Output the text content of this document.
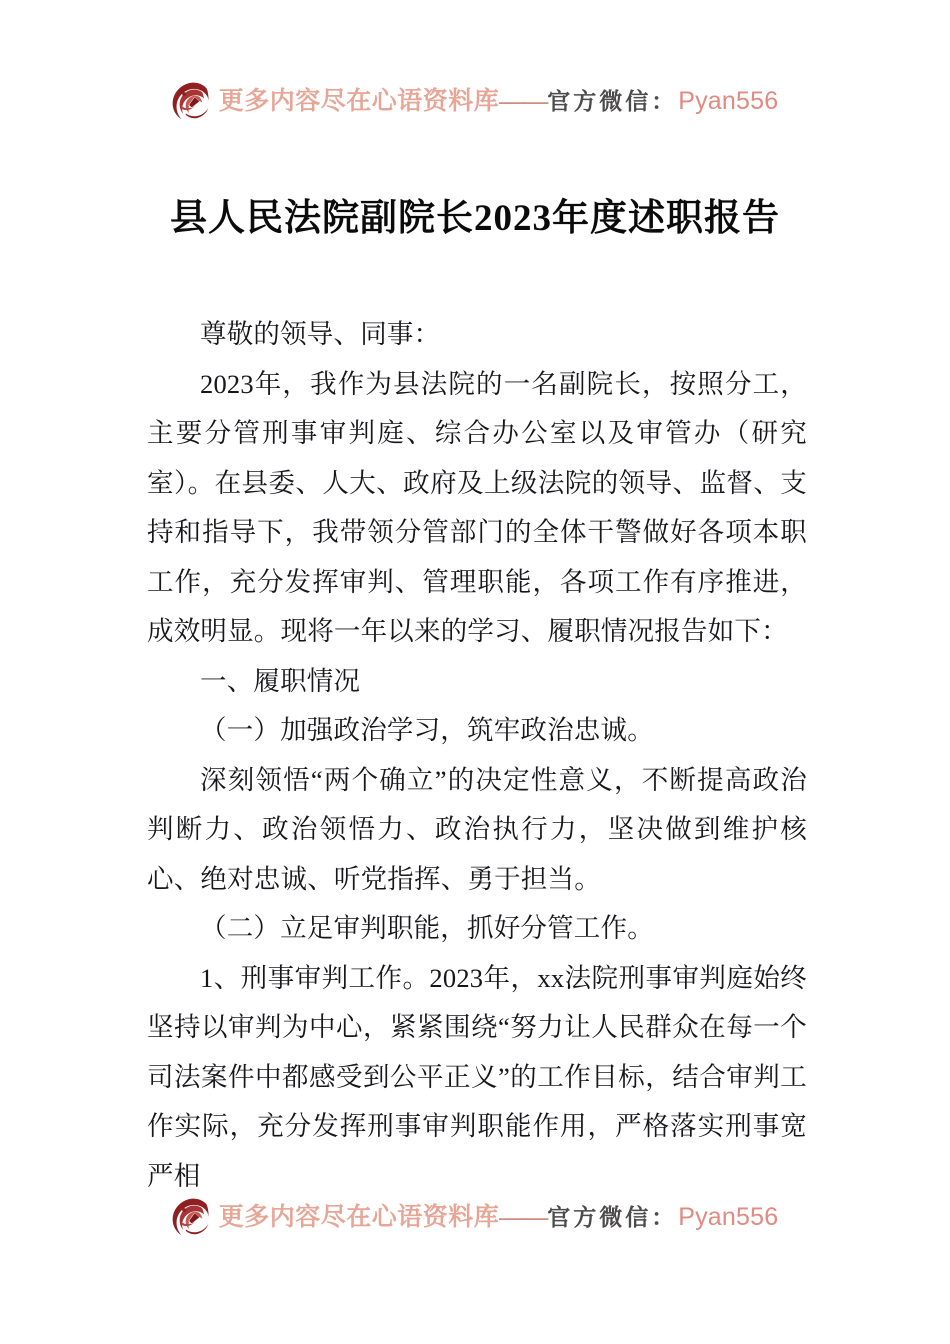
更多内容尽在心语资料库 —— 官方微信 ： Pyan556
县人民法院副院长2023年度述职报告

尊敬的领导、同事：

2023年，我作为县法院的一名副院长，按照分工，主要分管刑事审判庭、综合办公室以及审管办（研究室）。在县委、人大、政府及上级法院的领导、监督、支持和指导下，我带领分管部门的全体干警做好各项本职工作，充分发挥审判、管理职能，各项工作有序推进，成效明显。现将一年以来的学习、履职情况报告如下：

一、履职情况

（一）加强政治学习，筑牢政治忠诚。

深刻领悟“两个确立”的决定性意义，不断提高政治判断力、政治领悟力、政治执行力，坚决做到维护核心、绝对忠诚、听党指挥、勇于担当。

（二）立足审判职能，抓好分管工作。

1、刑事审判工作。2023年，xx法院刑事审判庭始终坚持以审判为中心，紧紧围绕“努力让人民群众在每一个司法案件中都感受到公平正义”的工作目标，结合审判工作实际，充分发挥刑事审判职能作用，严格落实刑事宽严相

更多内容尽在心语资料库 —— 官方微信 ： Pyan556
